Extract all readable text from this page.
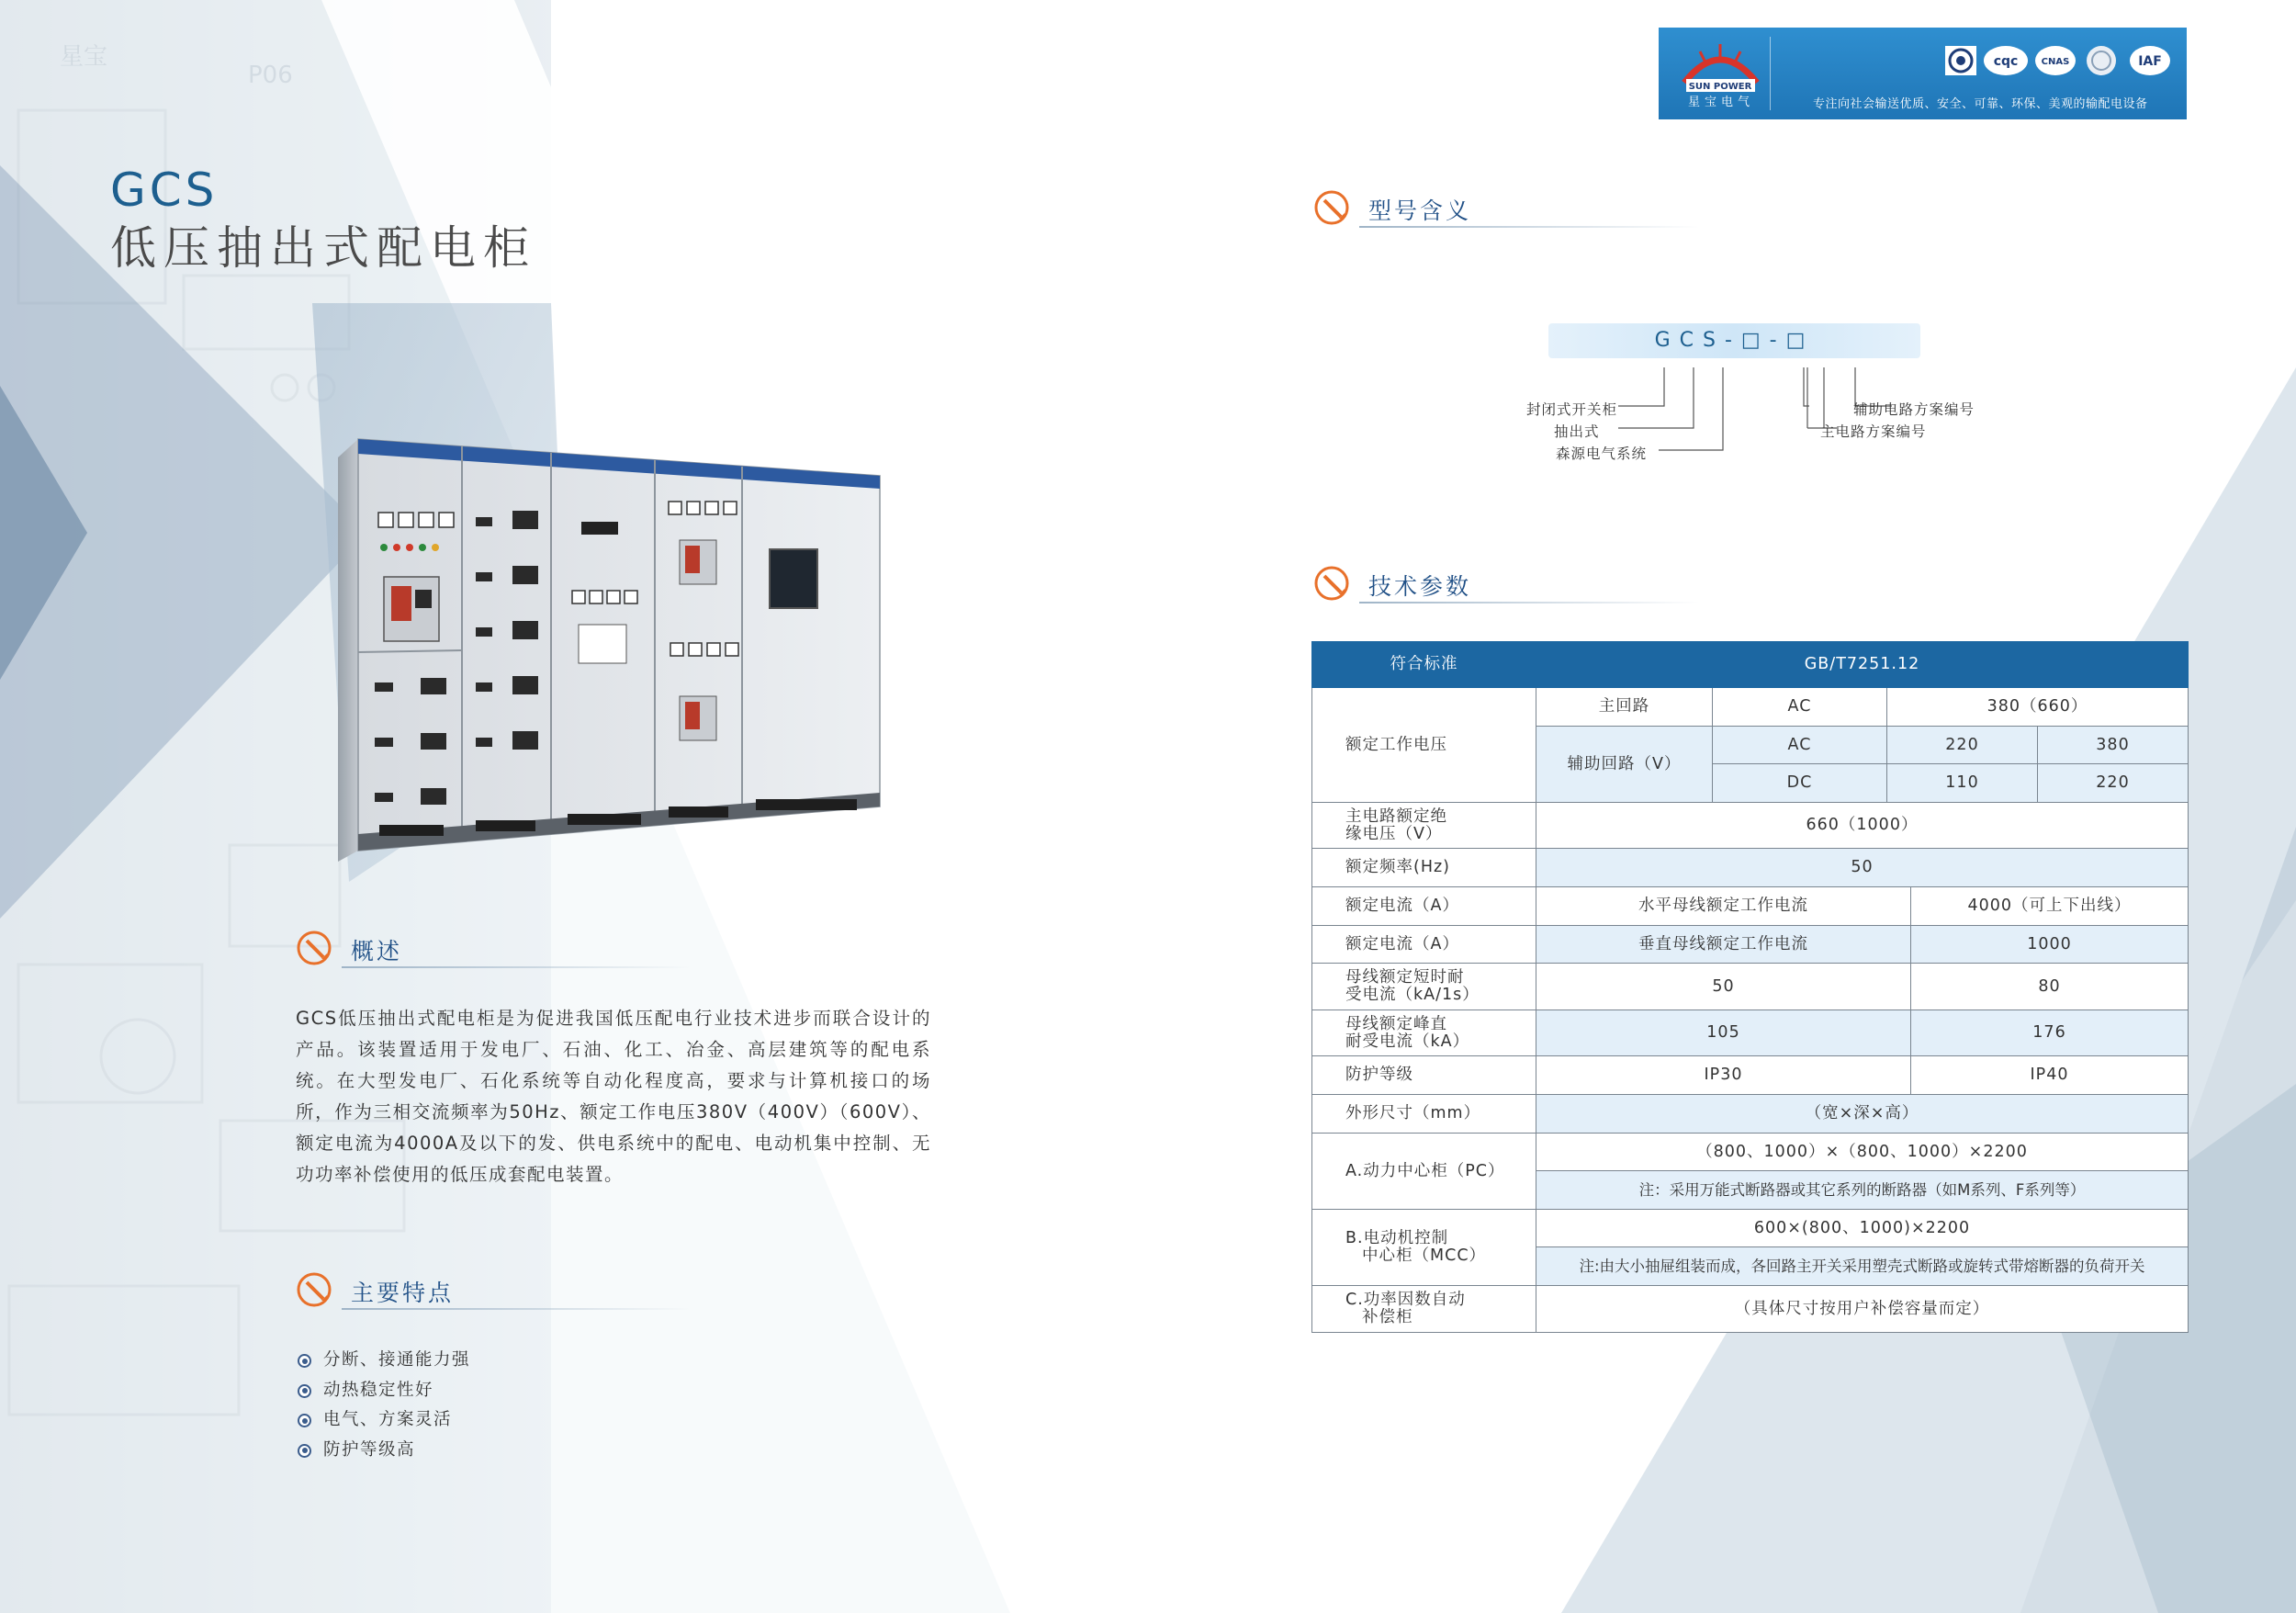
GCS
低压抽出式配电柜
概述

GCS低压抽出式配电柜是为促进我国低压配电行业技术进步而联合设计的产品。该装置适用于发电厂、石油、化工、冶金、高层建筑等的配电系统。在大型发电厂、石化系统等自动化程度高，要求与计算机接口的场所，作为三相交流频率为50Hz、额定工作电压380V（400V）（600V）、额定电流为4000A及以下的发、供电系统中的配电、电动机集中控制、无功功率补偿使用的低压成套配电装置。

主要特点
分断、接通能力强
动热稳定性好
电气、方案灵活
防护等级高
SUN POWER
星宝电气
cqc	CNAS	IAF
专注向社会输送优质、安全、可靠、环保、美观的输配电设备
型号含义
GCS-□-□
封闭式开关柜
抽出式
森源电气系统
辅助电路方案编号
主电路方案编号
技术参数
符合标准	GB/T7251.12				
额定工作电压	主回路	AC	380（660）		
	辅助回路（V）	AC	220		380
		DC	110		220
主电路额定绝
缘电压（V）	660（1000）				
额定频率(Hz)	50				
额定电流（A）	水平母线额定工作电流			4000（可上下出线）	
额定电流（A）	垂直母线额定工作电流			1000	
母线额定短时耐
受电流（kA/1s）	50			80	
母线额定峰直
耐受电流（kA）	105			176	
防护等级	IP30			IP40	
外形尺寸（mm）	（宽×深×高）				
A.动力中心柜（PC）	（800、1000）×（800、1000）×2200				
	注：采用万能式断路器或其它系列的断路器（如M系列、F系列等）				
B.电动机控制
中心柜（MCC）	600×(800、1000)×2200				
	注:由大小抽屉组装而成，各回路主开关采用塑壳式断路或旋转式带熔断器的负荷开关				
C.功率因数自动
补偿柜	（具体尺寸按用户补偿容量而定）				
